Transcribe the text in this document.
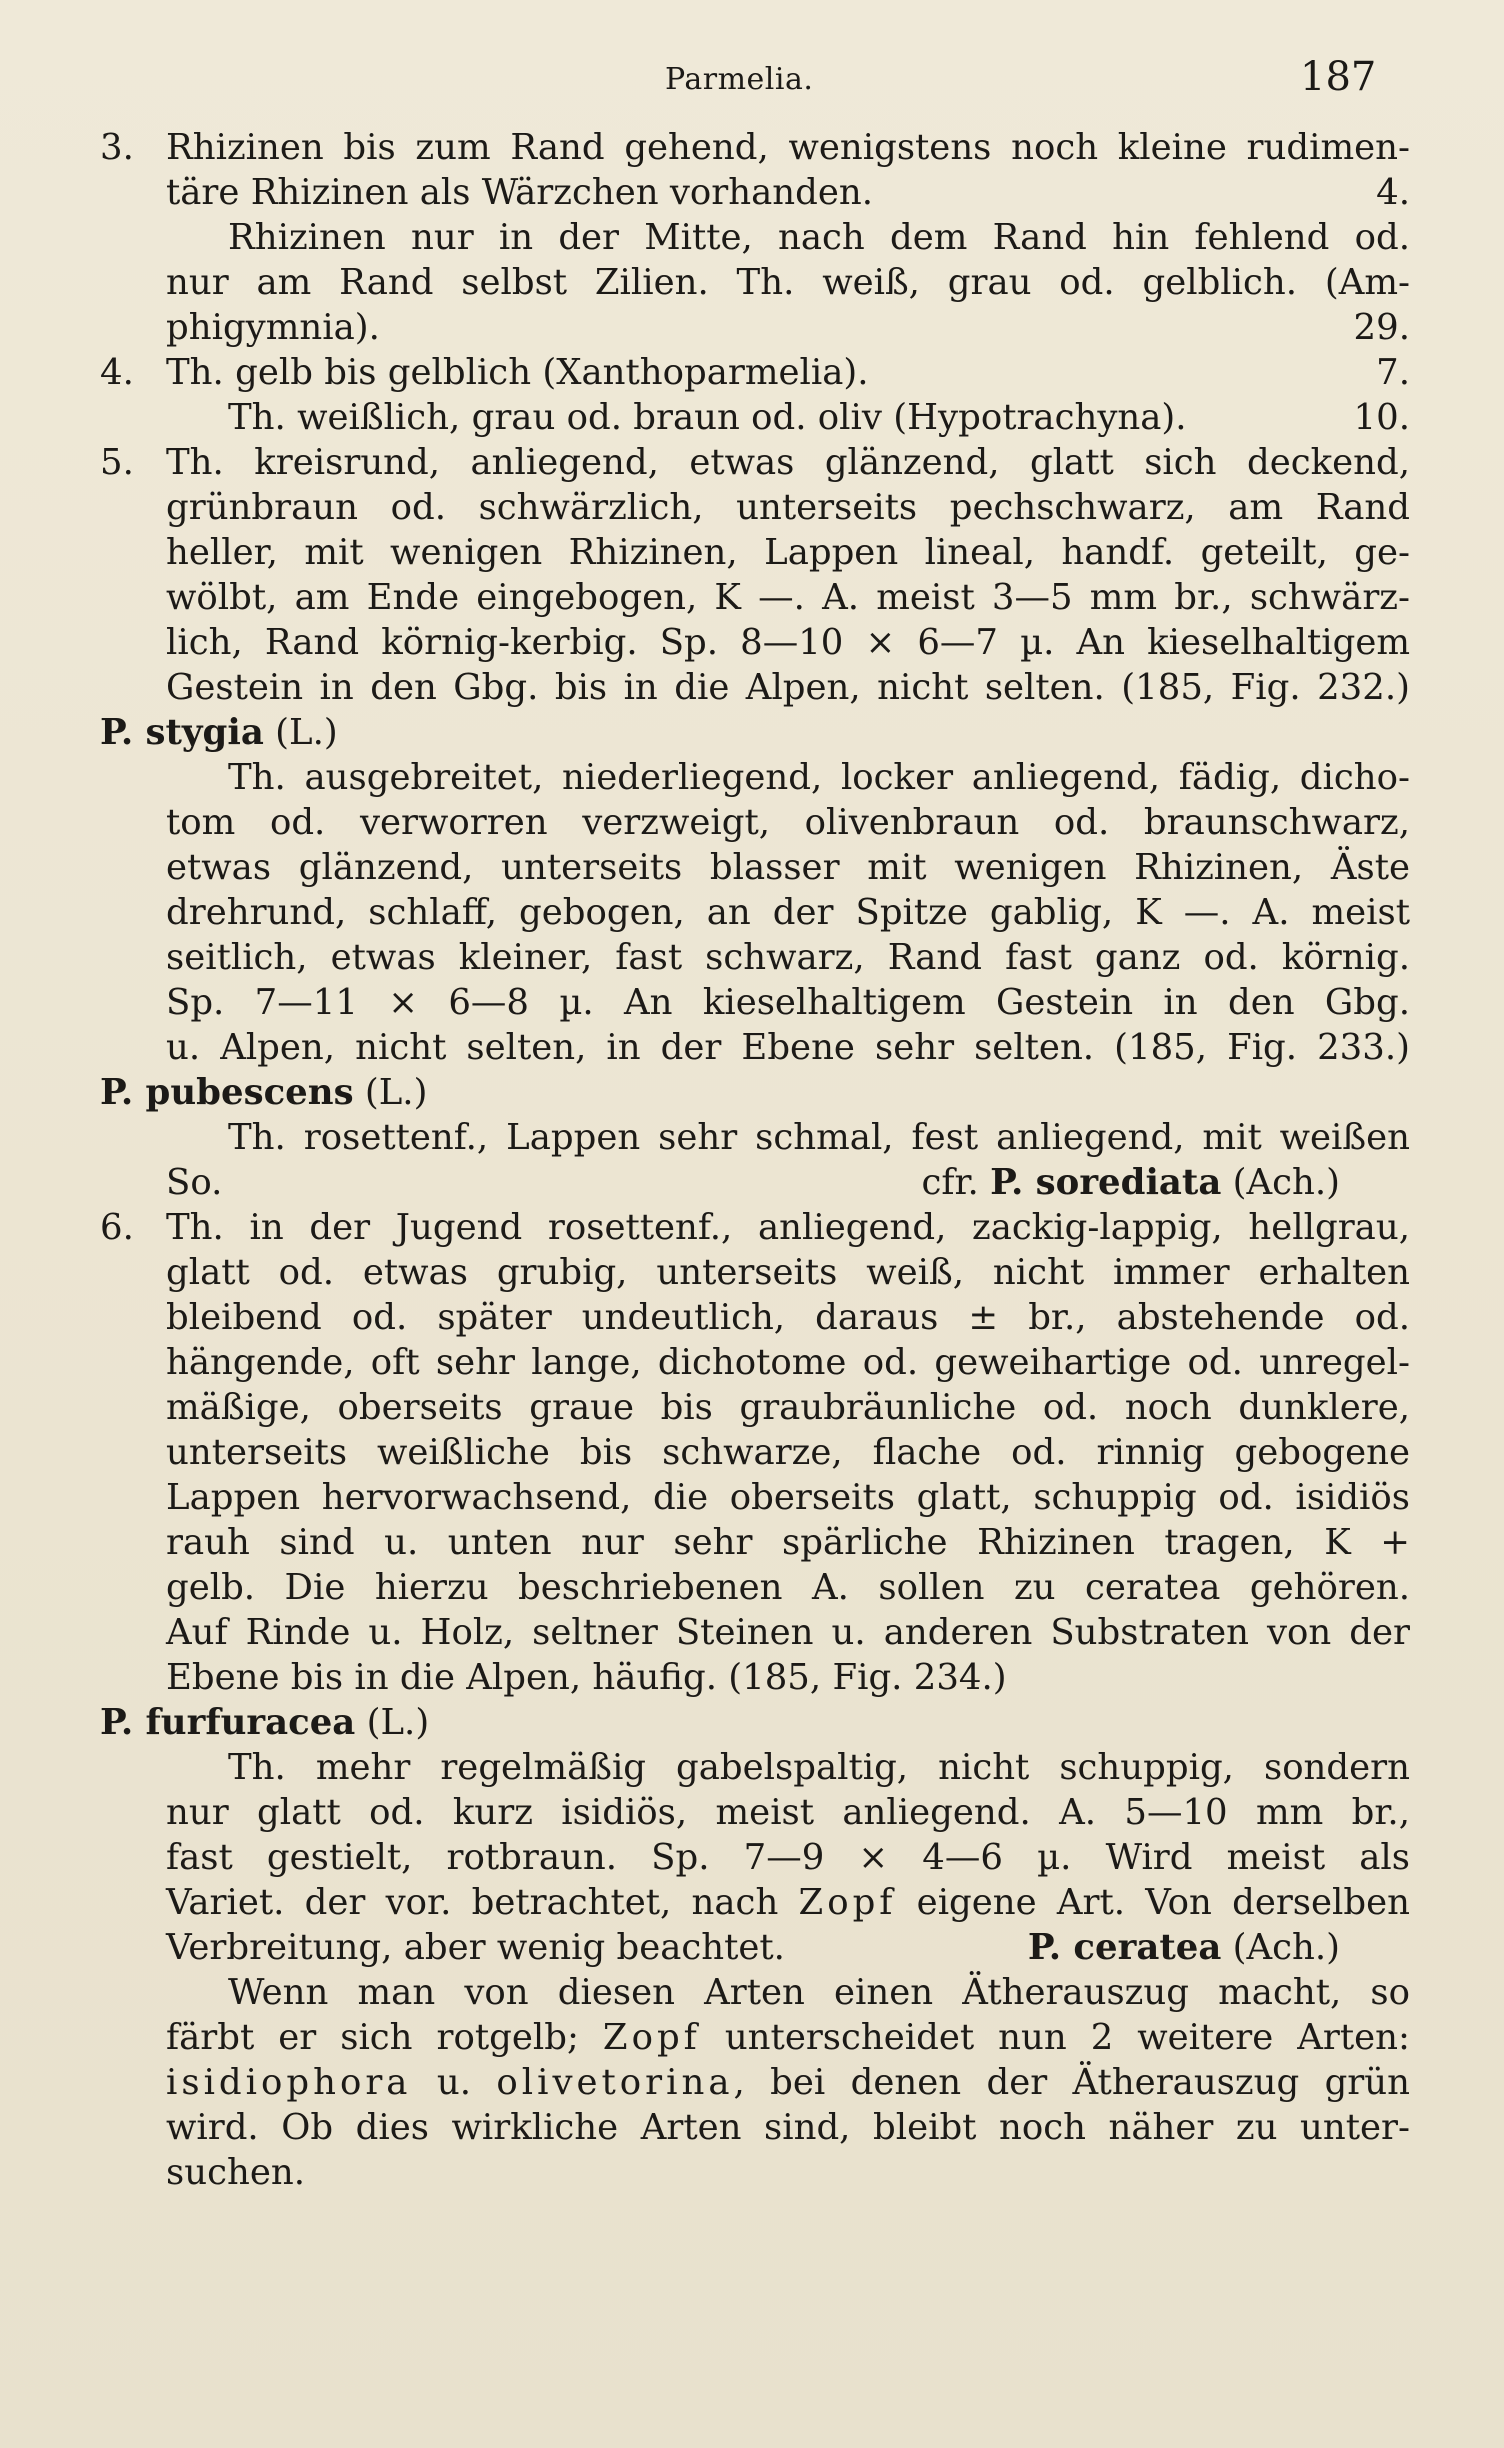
Parmelia.	187
3. Rhizinen bis zum Rand gehend, wenigstens noch kleine rudimen-
täre Rhizinen als Wärzchen vorhanden.	4.
Rhizinen nur in der Mitte, nach dem Rand hin fehlend od.
nur am Rand selbst Zilien. Th. weiß, grau od. gelblich. (Am-
phigymnia).	29.
4. Th. gelb bis gelblich (Xanthoparmelia).	7.
Th. weißlich, grau od. braun od. oliv (Hypotrachyna).	10.
5. Th. kreisrund, anliegend, etwas glänzend, glatt sich deckend,
grünbraun od. schwärzlich, unterseits pechschwarz, am Rand
heller, mit wenigen Rhizinen, Lappen lineal, handf. geteilt, ge-
wölbt, am Ende eingebogen, K —. A. meist 3—5 mm br., schwärz-
lich, Rand körnig-kerbig. Sp. 8—10 × 6—7 µ. An kieselhaltigem
Gestein in den Gbg. bis in die Alpen, nicht selten. (185, Fig. 232.)
P. stygia (L.)
Th. ausgebreitet, niederliegend, locker anliegend, fädig, dicho-
tom od. verworren verzweigt, olivenbraun od. braunschwarz,
etwas glänzend, unterseits blasser mit wenigen Rhizinen, Äste
drehrund, schlaff, gebogen, an der Spitze gablig, K —. A. meist
seitlich, etwas kleiner, fast schwarz, Rand fast ganz od. körnig.
Sp. 7—11 × 6—8 µ. An kieselhaltigem Gestein in den Gbg.
u. Alpen, nicht selten, in der Ebene sehr selten. (185, Fig. 233.)
P. pubescens (L.)
Th. rosettenf., Lappen sehr schmal, fest anliegend, mit weißen
So.	cfr. P. sorediata (Ach.)
6. Th. in der Jugend rosettenf., anliegend, zackig-lappig, hellgrau,
glatt od. etwas grubig, unterseits weiß, nicht immer erhalten
bleibend od. später undeutlich, daraus ± br., abstehende od.
hängende, oft sehr lange, dichotome od. geweihartige od. unregel-
mäßige, oberseits graue bis graubräunliche od. noch dunklere,
unterseits weißliche bis schwarze, flache od. rinnig gebogene
Lappen hervorwachsend, die oberseits glatt, schuppig od. isidiös
rauh sind u. unten nur sehr spärliche Rhizinen tragen, K +
gelb. Die hierzu beschriebenen A. sollen zu ceratea gehören.
Auf Rinde u. Holz, seltner Steinen u. anderen Substraten von der
Ebene bis in die Alpen, häufig. (185, Fig. 234.)
P. furfuracea (L.)
Th. mehr regelmäßig gabelspaltig, nicht schuppig, sondern
nur glatt od. kurz isidiös, meist anliegend. A. 5—10 mm br.,
fast gestielt, rotbraun. Sp. 7—9 × 4—6 µ. Wird meist als
Variet. der vor. betrachtet, nach Zopf eigene Art. Von derselben
Verbreitung, aber wenig beachtet.	P. ceratea (Ach.)
Wenn man von diesen Arten einen Ätherauszug macht, so
färbt er sich rotgelb; Zopf unterscheidet nun 2 weitere Arten:
isidiophora u. olivetorina, bei denen der Ätherauszug grün
wird. Ob dies wirkliche Arten sind, bleibt noch näher zu unter-
suchen.
